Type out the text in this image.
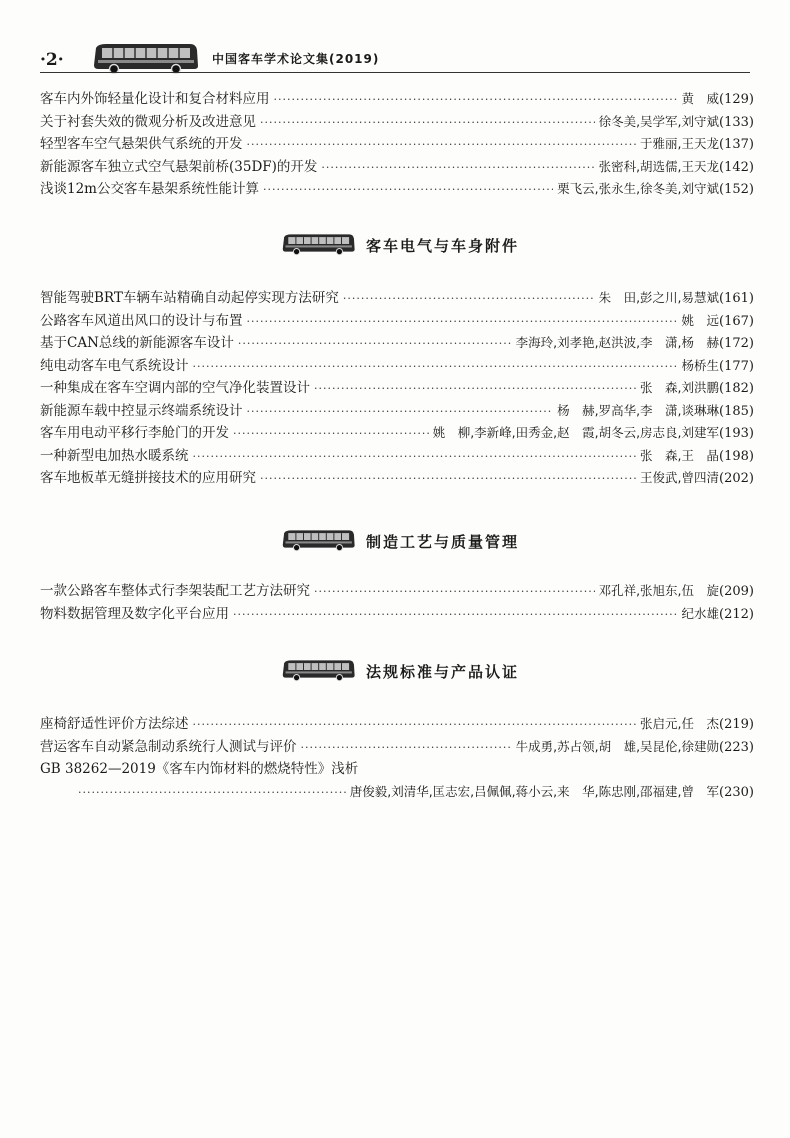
·2·	中国客车学术论文集(2019)
客车内外饰轻量化设计和复合材料应用 ·····	黄　威 (129)
关于衬套失效的微观分析及改进意见 ·····	徐冬美,吴学军,刘守斌 (133)
轻型客车空气悬架供气系统的开发 ·····	于雅丽,王天龙 (137)
新能源客车独立式空气悬架前桥(35DF)的开发 ·····	张密科,胡选儒,王天龙 (142)
浅谈12m公交客车悬架系统性能计算 ·····	栗飞云,张永生,徐冬美,刘守斌 (152)
客车电气与车身附件
智能驾驶BRT车辆车站精确自动起停实现方法研究 ·····	朱　田,彭之川,易慧斌 (161)
公路客车风道出风口的设计与布置 ·····	姚　远 (167)
基于CAN总线的新能源客车设计 ·····	李海玲,刘孝艳,赵洪波,李　潇,杨　赫 (172)
纯电动客车电气系统设计 ·····	杨桥生 (177)
一种集成在客车空调内部的空气净化装置设计 ·····	张　森,刘洪鹏 (182)
新能源车载中控显示终端系统设计 ·····	杨　赫,罗高华,李　潇,谈琳琳 (185)
客车用电动平移行李舱门的开发 ·····	姚　柳,李新峰,田秀金,赵　霞,胡冬云,房志良,刘建军 (193)
一种新型电加热水暖系统 ·····	张　森,王　晶 (198)
客车地板革无缝拼接技术的应用研究 ·····	王俊武,曾四清 (202)
制造工艺与质量管理
一款公路客车整体式行李架装配工艺方法研究 ·····	邓孔祥,张旭东,伍　旋 (209)
物料数据管理及数字化平台应用 ·····	纪水雄 (212)
法规标准与产品认证
座椅舒适性评价方法综述 ·····	张启元,任　杰 (219)
营运客车自动紧急制动系统行人测试与评价 ·····	牛成勇,苏占领,胡　雄,吴昆伦,徐建勋 (223)
GB 38262—2019《客车内饰材料的燃烧特性》浅析
·····
唐俊毅,刘清华,匡志宏,吕佩佩,蒋小云,来　华,陈忠刚,邵福建,曾　军 (230)
